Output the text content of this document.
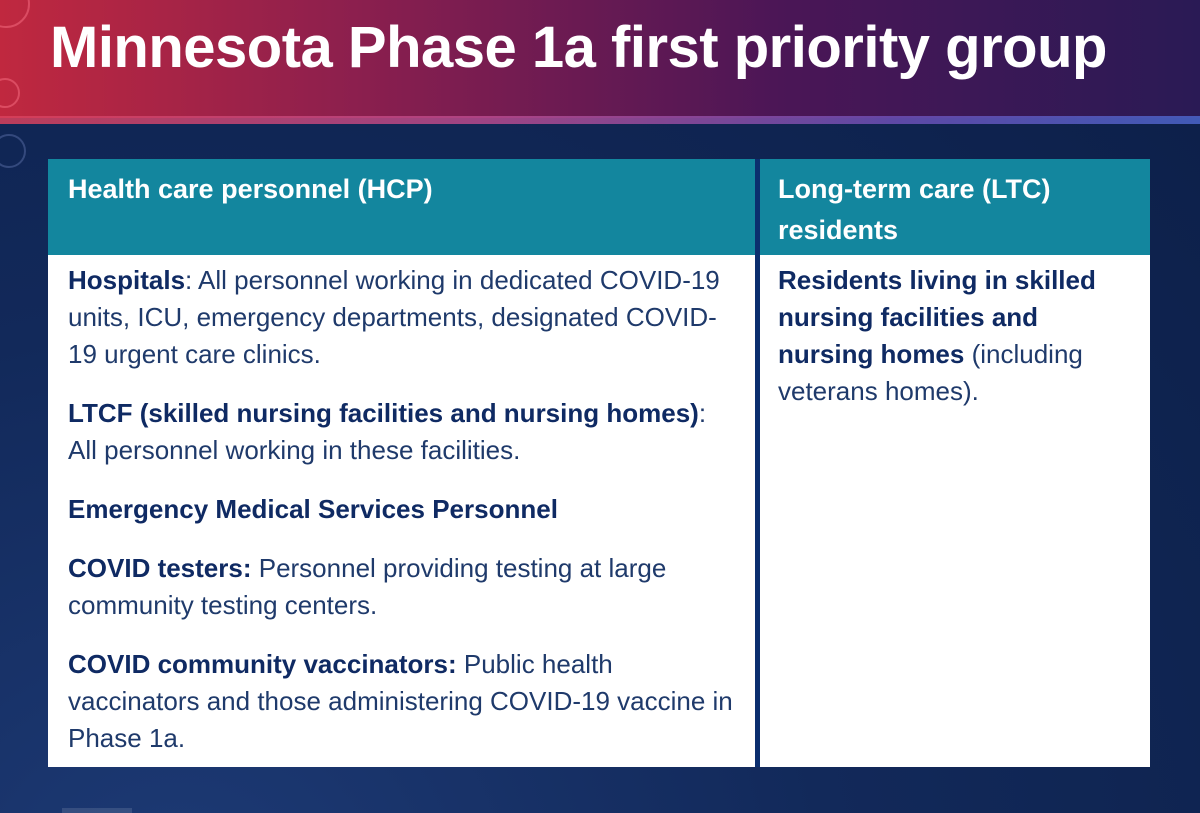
Minnesota Phase 1a first priority group
Health care personnel (HCP)	Long-term care (LTC) residents

Hospitals: All personnel working in dedicated COVID-19 units, ICU, emergency departments, designated COVID-19 urgent care clinics.

LTCF (skilled nursing facilities and nursing homes): All personnel working in these facilities.

Emergency Medical Services Personnel

COVID testers: Personnel providing testing at large community testing centers.

COVID community vaccinators: Public health vaccinators and those administering COVID-19 vaccine in Phase 1a.

Residents living in skilled nursing facilities and nursing homes (including veterans homes).
